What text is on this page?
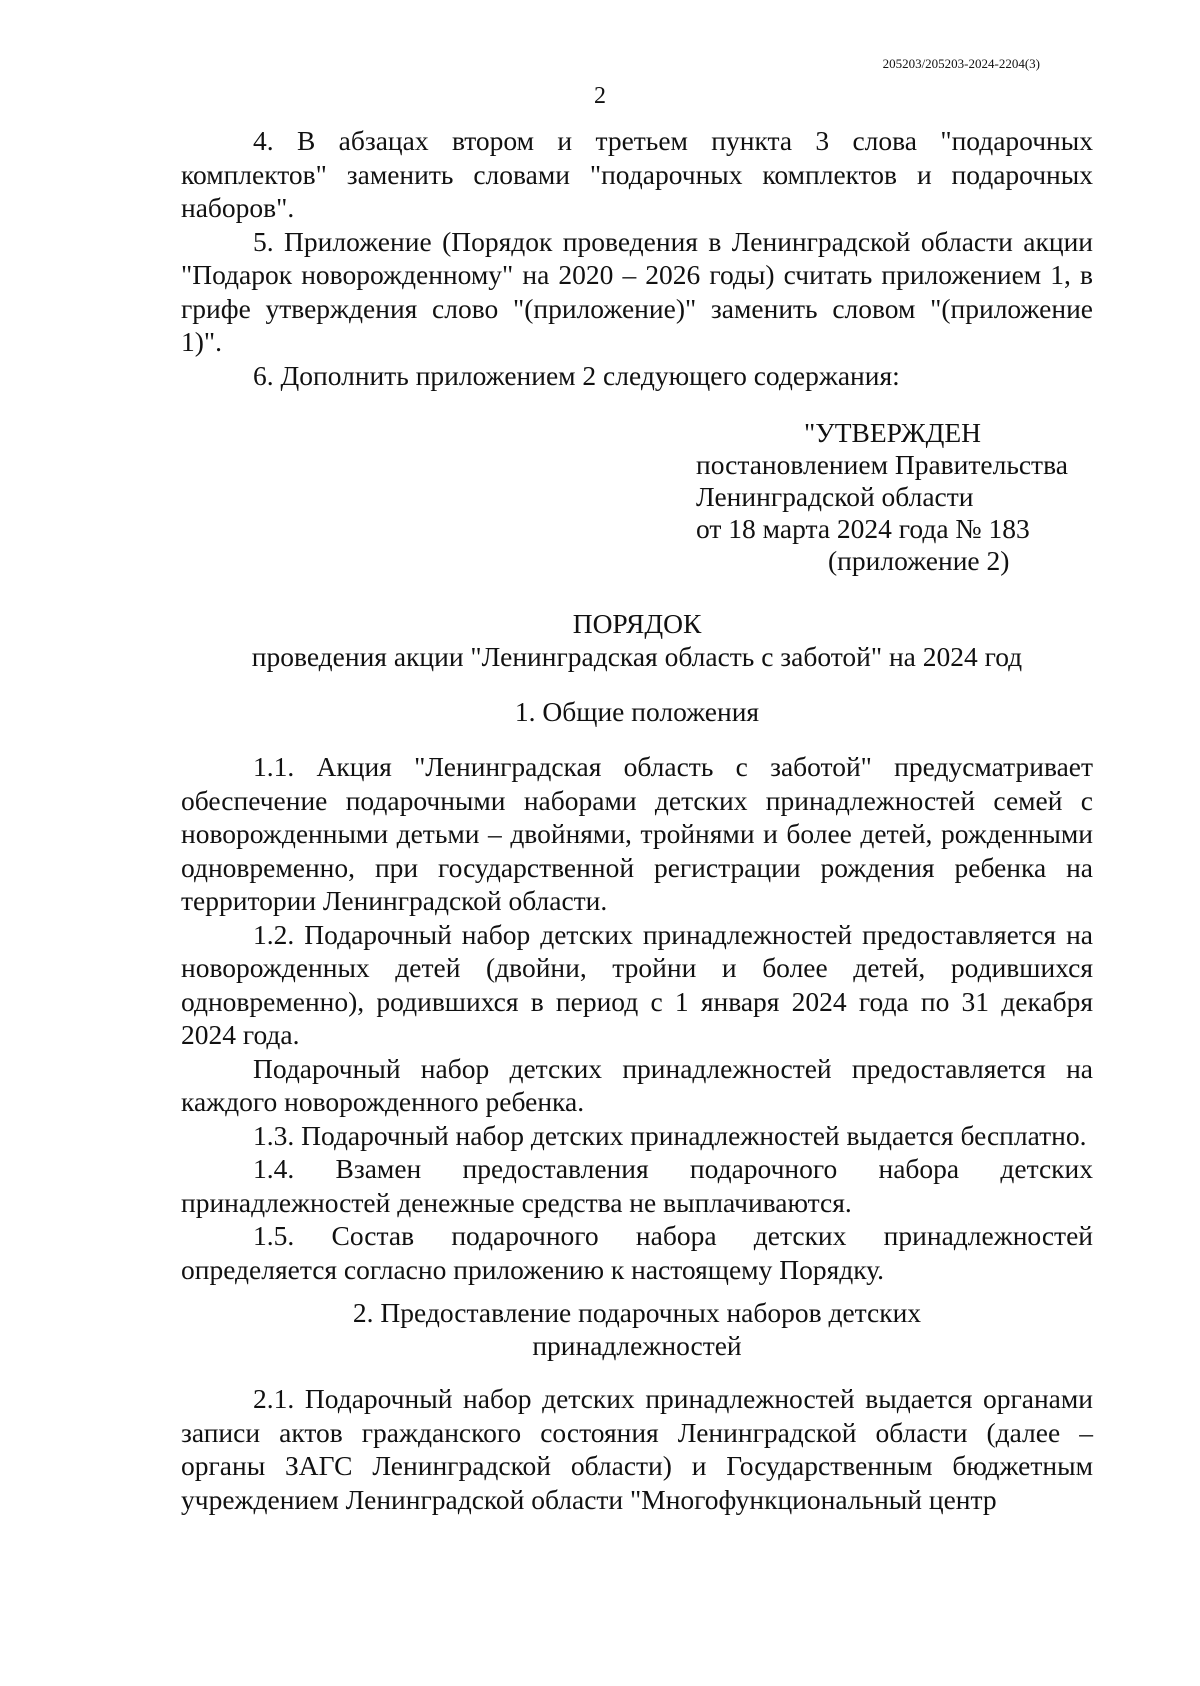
205203/205203-2024-2204(3)
2

4. В абзацах втором и третьем пункта 3 слова "подарочных комплектов" заменить словами "подарочных комплектов и подарочных наборов".

5. Приложение (Порядок проведения в Ленинградской области акции "Подарок новорожденному" на 2020 – 2026 годы) считать приложением 1, в грифе утверждения слово "(приложение)" заменить словом "(приложение 1)".

6. Дополнить приложением 2 следующего содержания:

"УТВЕРЖДЕН
постановлением Правительства
Ленинградской области
от 18 марта 2024 года № 183
(приложение 2)
ПОРЯДОК
проведения акции "Ленинградская область с заботой" на 2024 год
1. Общие положения

1.1. Акция "Ленинградская область с заботой" предусматривает обеспечение подарочными наборами детских принадлежностей семей с новорожденными детьми – двойнями, тройнями и более детей, рожденными одновременно, при государственной регистрации рождения ребенка на территории Ленинградской области.

1.2. Подарочный набор детских принадлежностей предоставляется на новорожденных детей (двойни, тройни и более детей, родившихся одновременно), родившихся в период с 1 января 2024 года по 31 декабря 2024 года.

Подарочный набор детских принадлежностей предоставляется на каждого новорожденного ребенка.

1.3. Подарочный набор детских принадлежностей выдается бесплатно.

1.4. Взамен предоставления подарочного набора детских принадлежностей денежные средства не выплачиваются.

1.5. Состав подарочного набора детских принадлежностей определяется согласно приложению к настоящему Порядку.

2. Предоставление подарочных наборов детских
принадлежностей

2.1. Подарочный набор детских принадлежностей выдается органами записи актов гражданского состояния Ленинградской области (далее – органы ЗАГС Ленинградской области) и Государственным бюджетным учреждением Ленинградской области "Многофункциональный центр
